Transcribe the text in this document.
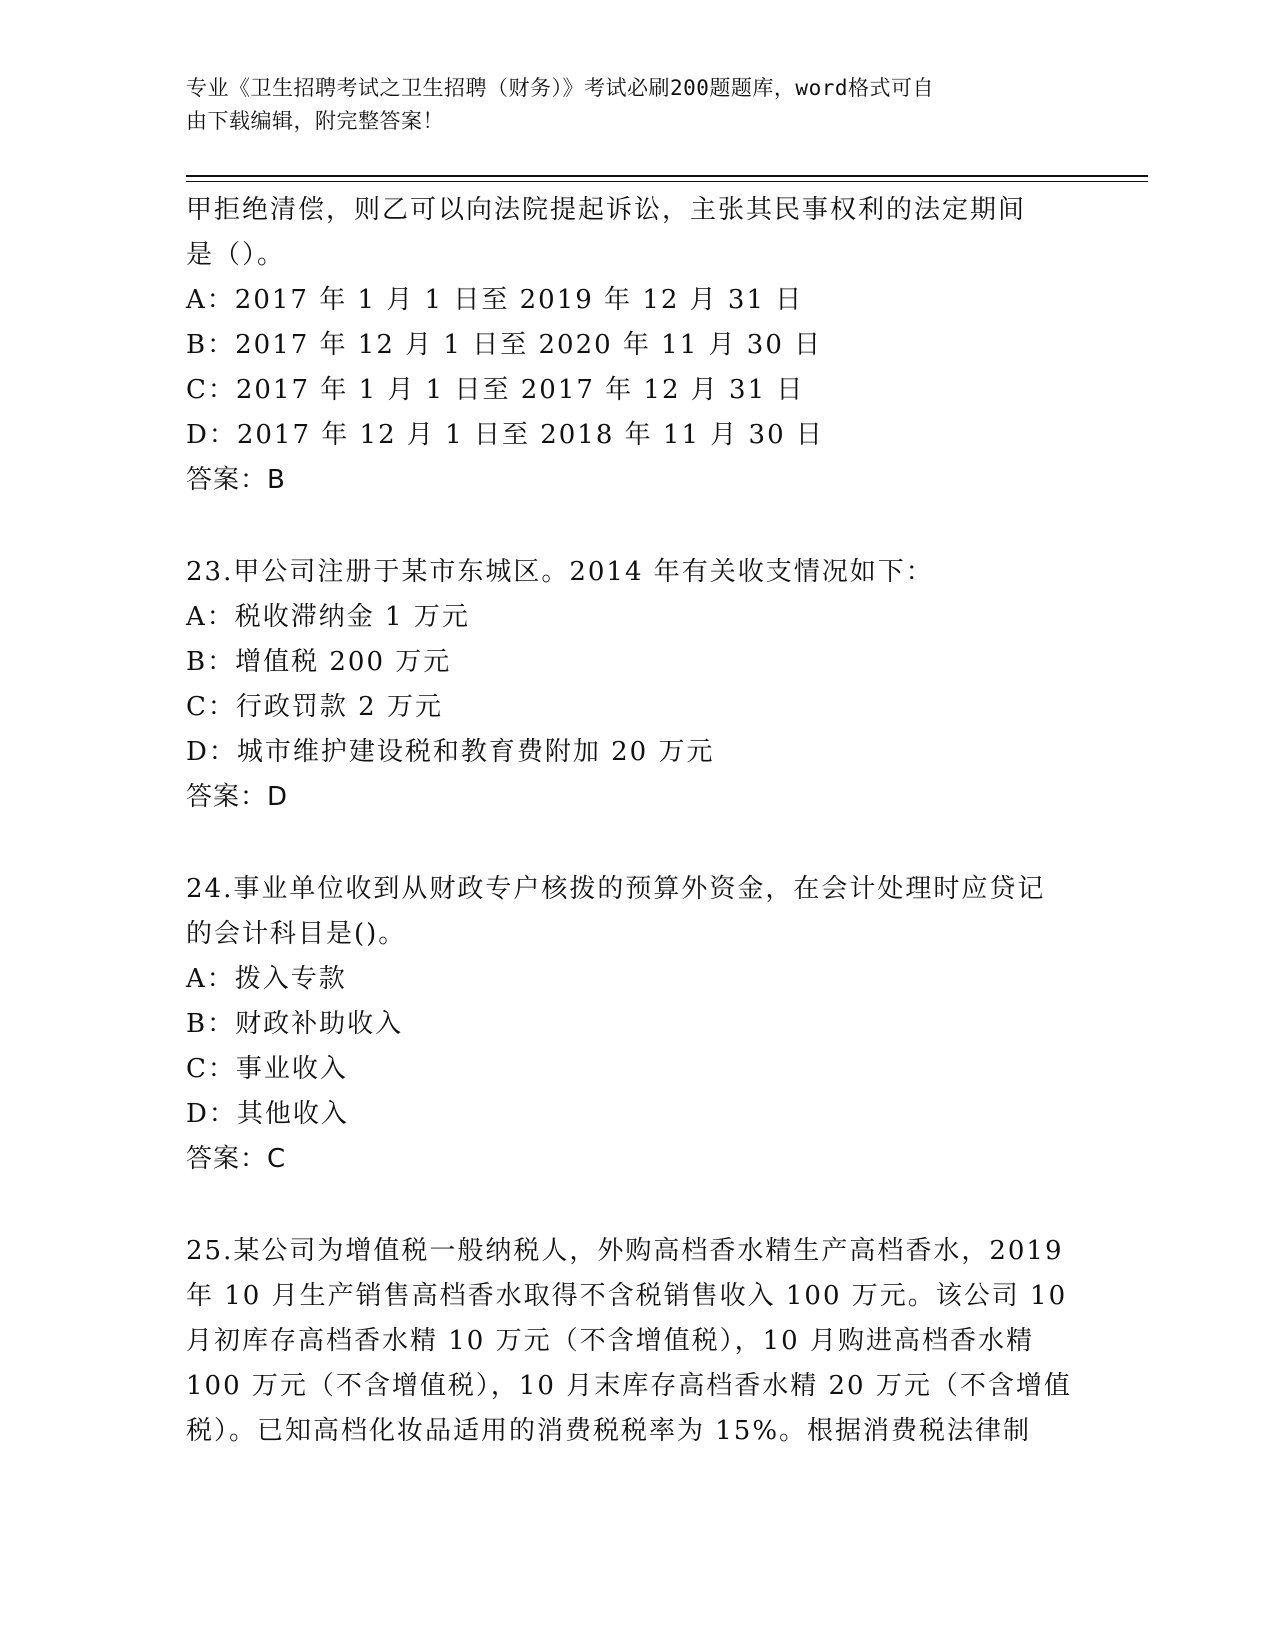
专业《卫生招聘考试之卫生招聘（财务）》考试必刷200题题库，word格式可自
由下载编辑，附完整答案！
甲拒绝清偿，则乙可以向法院提起诉讼，主张其民事权利的法定期间
是（）。
A：2017 年 1 月 1 日至 2019 年 12 月 31 日
B：2017 年 12 月 1 日至 2020 年 11 月 30 日
C：2017 年 1 月 1 日至 2017 年 12 月 31 日
D：2017 年 12 月 1 日至 2018 年 11 月 30 日
答案：B
23.甲公司注册于某市东城区。2014 年有关收支情况如下：
A：税收滞纳金 1 万元
B：增值税 200 万元
C：行政罚款 2 万元
D：城市维护建设税和教育费附加 20 万元
答案：D
24.事业单位收到从财政专户核拨的预算外资金，在会计处理时应贷记
的会计科目是()。
A：拨入专款
B：财政补助收入
C：事业收入
D：其他收入
答案：C
25.某公司为增值税一般纳税人，外购高档香水精生产高档香水，2019
年 10 月生产销售高档香水取得不含税销售收入 100 万元。该公司 10
月初库存高档香水精 10 万元（不含增值税），10 月购进高档香水精
100 万元（不含增值税），10 月末库存高档香水精 20 万元（不含增值
税）。已知高档化妆品适用的消费税税率为 15%。根据消费税法律制
